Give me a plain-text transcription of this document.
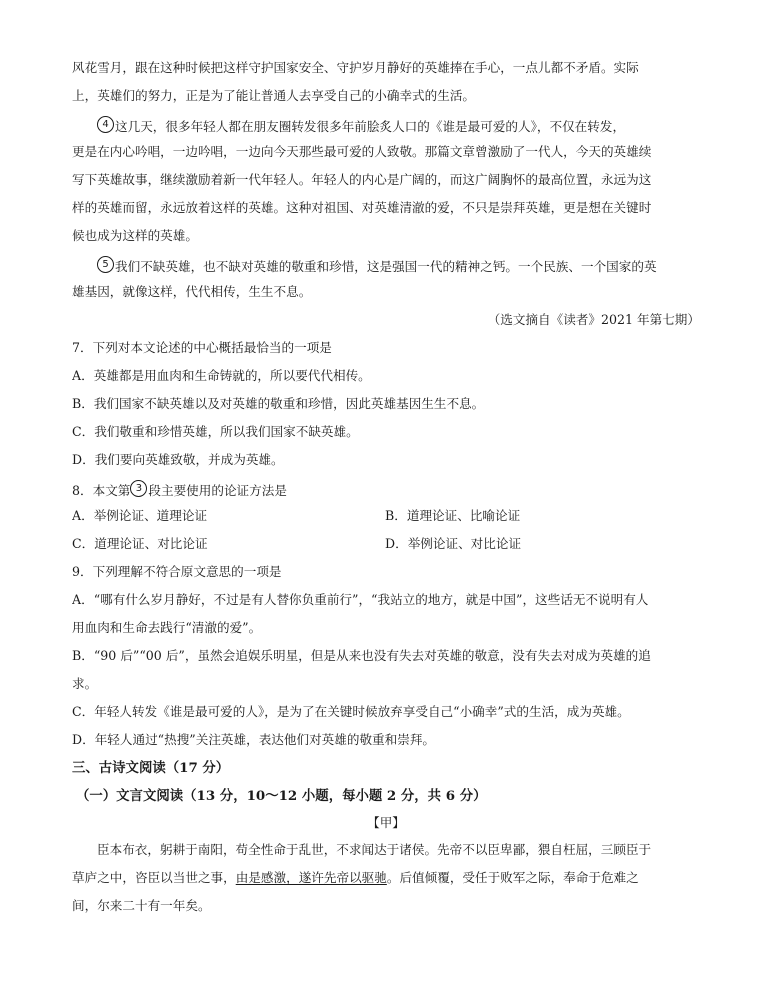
风花雪月，跟在这种时候把这样守护国家安全、守护岁月静好的英雄捧在手心，一点儿都不矛盾。实际
上，英雄们的努力，正是为了能让普通人去享受自己的小确幸式的生活。
4 这几天，很多年轻人都在朋友圈转发很多年前脍炙人口的《谁是最可爱的人》，不仅在转发，
更是在内心吟唱，一边吟唱，一边向今天那些最可爱的人致敬。那篇文章曾激励了一代人，今天的英雄续
写下英雄故事，继续激励着新一代年轻人。年轻人的内心是广阔的，而这广阔胸怀的最高位置，永远为这
样的英雄而留，永远放着这样的英雄。这种对祖国、对英雄清澈的爱，不只是崇拜英雄，更是想在关键时
候也成为这样的英雄。
5 我们不缺英雄，也不缺对英雄的敬重和珍惜，这是强国一代的精神之钙。一个民族、一个国家的英
雄基因，就像这样，代代相传，生生不息。
（选文摘自《读者》2021 年第七期）
7．下列对本文论述的中心概括最恰当的一项是
A．英雄都是用血肉和生命铸就的，所以要代代相传。
B．我们国家不缺英雄以及对英雄的敬重和珍惜，因此英雄基因生生不息。
C．我们敬重和珍惜英雄，所以我们国家不缺英雄。
D．我们要向英雄致敬，并成为英雄。
8．本文第 3 段主要使用的论证方法是
A．举例论证、道理论证	B．道理论证、比喻论证
C．道理论证、对比论证	D．举例论证、对比论证
9．下列理解不符合原文意思的一项是
A．“哪有什么岁月静好，不过是有人替你负重前行”，“我站立的地方，就是中国”，这些话无不说明有人
用血肉和生命去践行“清澈的爱”。
B．“90 后”“00 后”，虽然会追娱乐明星，但是从来也没有失去对英雄的敬意，没有失去对成为英雄的追
求。
C．年轻人转发《谁是最可爱的人》，是为了在关键时候放弃享受自己“小确幸”式的生活，成为英雄。
D．年轻人通过“热搜”关注英雄，表达他们对英雄的敬重和崇拜。
三、古诗文阅读（17 分）
（一）文言文阅读（13 分，10～12 小题，每小题 2 分，共 6 分）
【甲】
臣本布衣，躬耕于南阳，苟全性命于乱世，不求闻达于诸侯。先帝不以臣卑鄙，猥自枉屈，三顾臣于
草庐之中，咨臣以当世之事，由是感激，遂许先帝以驱驰。后值倾覆，受任于败军之际，奉命于危难之
间，尔来二十有一年矣。
